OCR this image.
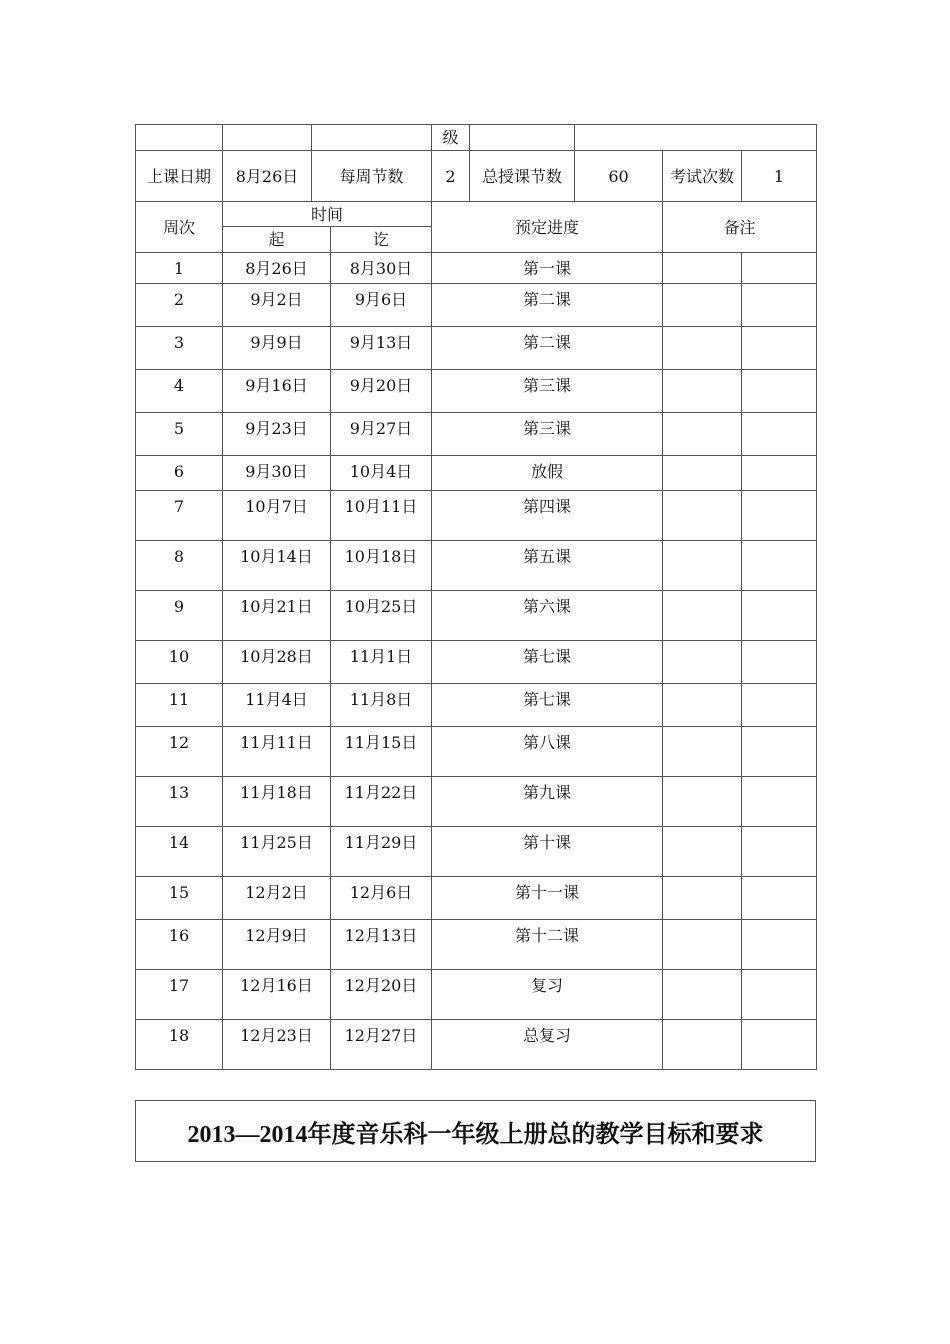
				级				
上课日期	8月26日	每周节数		2	总授课节数	60	考试次数	1
周次	时间			预定进度			备注	
	起		讫					
1	8月26日		8月30日	第一课				
2	9月2日		9月6日	第二课				
3	9月9日		9月13日	第二课				
4	9月16日		9月20日	第三课				
5	9月23日		9月27日	第三课				
6	9月30日		10月4日	放假				
7	10月7日		10月11日	第四课				
8	10月14日		10月18日	第五课				
9	10月21日		10月25日	第六课				
10	10月28日		11月1日	第七课				
11	11月4日		11月8日	第七课				
12	11月11日		11月15日	第八课				
13	11月18日		11月22日	第九课				
14	11月25日		11月29日	第十课				
15	12月2日		12月6日	第十一课				
16	12月9日		12月13日	第十二课				
17	12月16日		12月20日	复习				
18	12月23日		12月27日	总复习				
2013—2014年度音乐科一年级上册总的教学目标和要求
